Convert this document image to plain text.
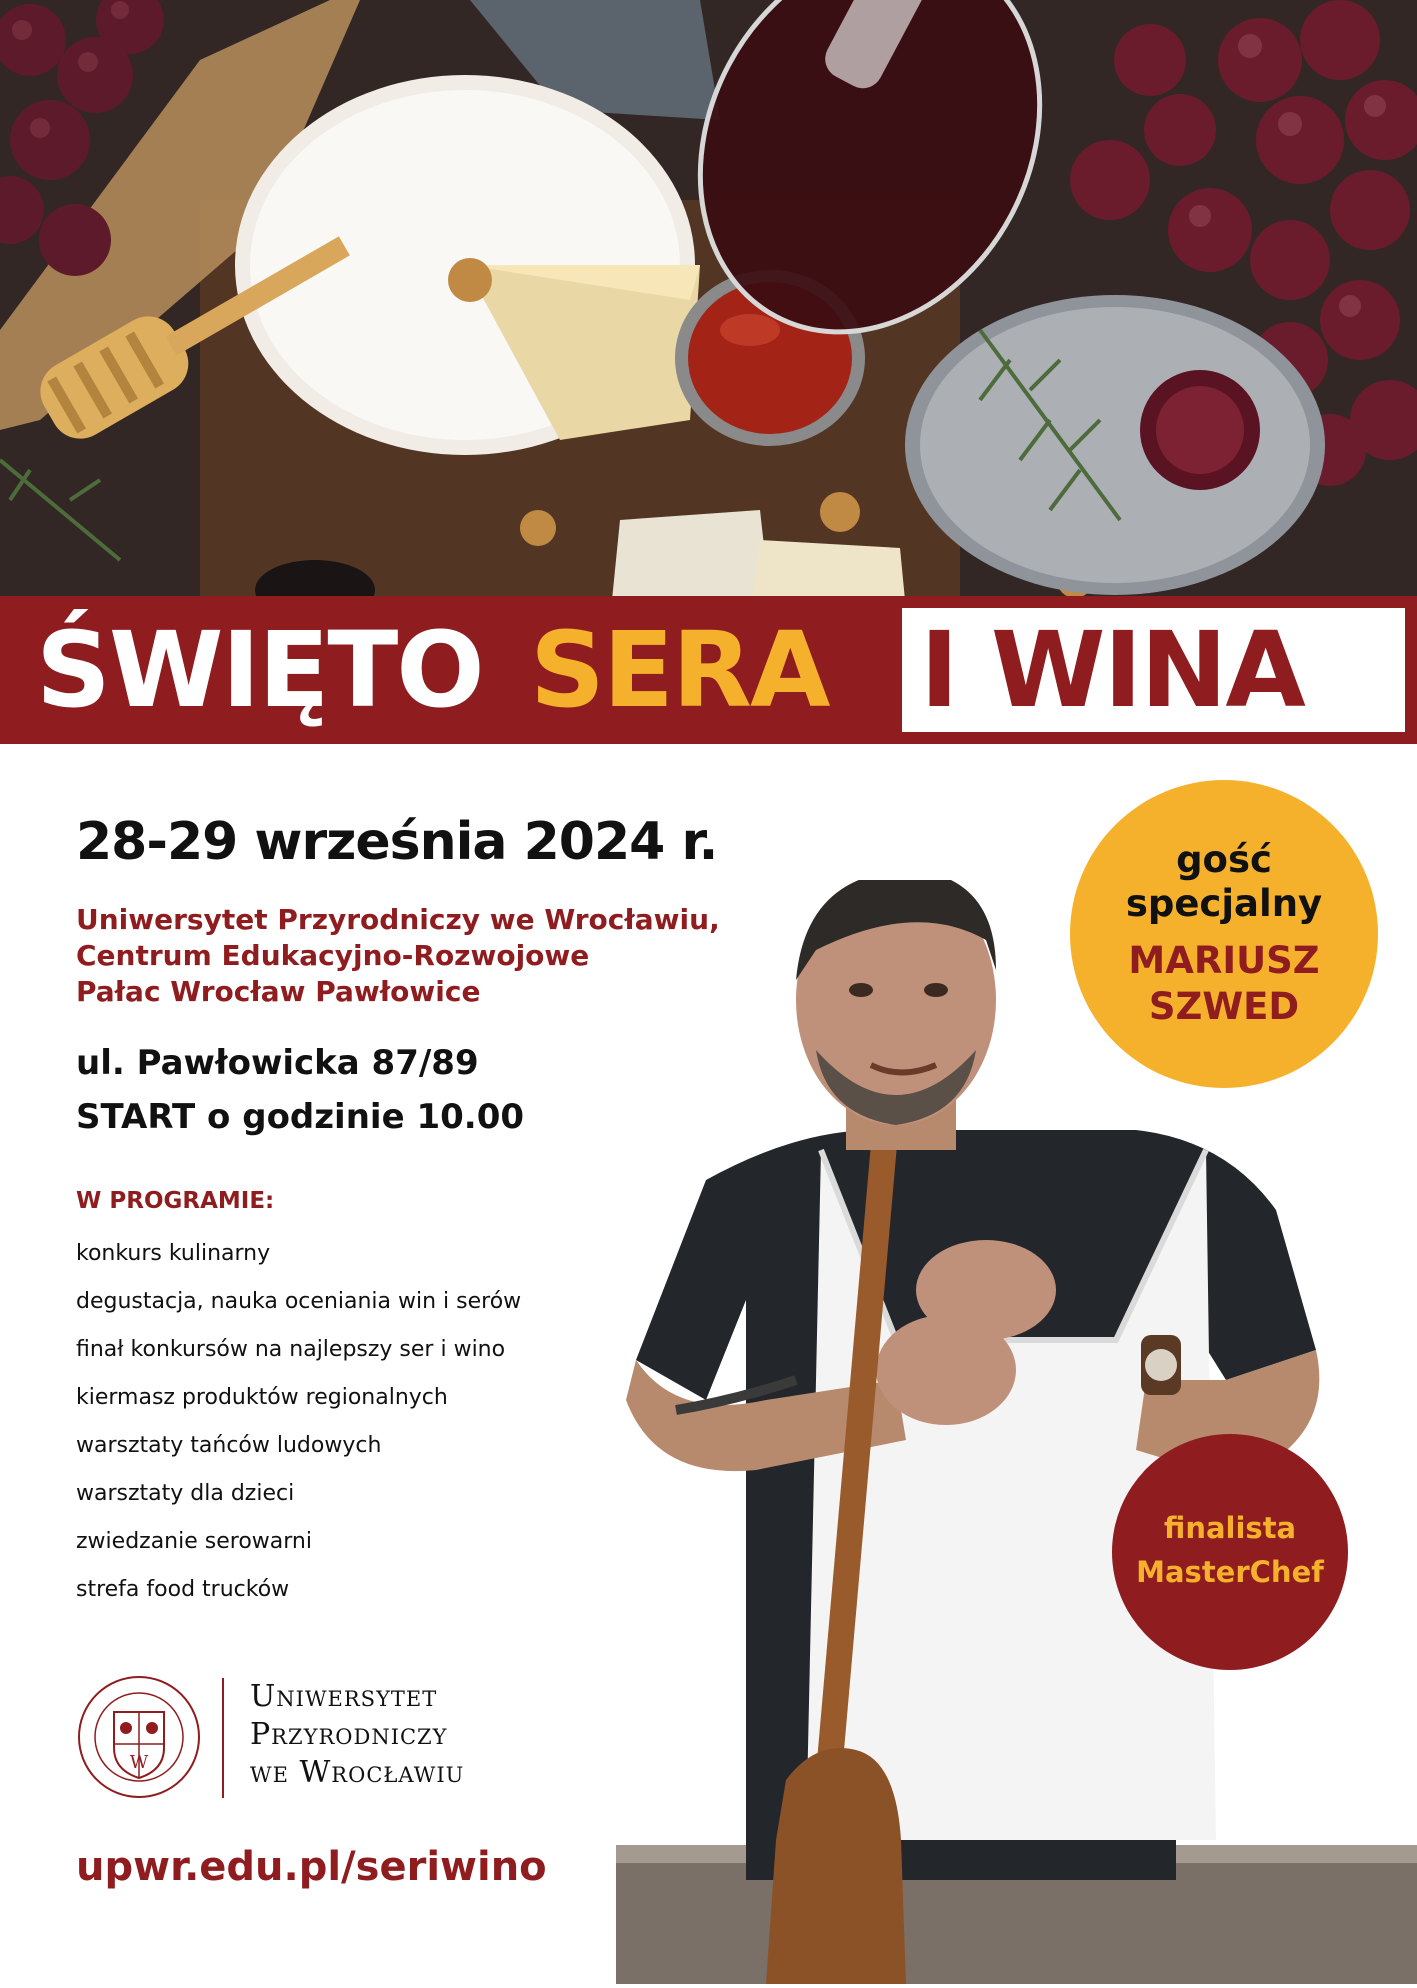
ŚWIĘTO SERA I WINA
28-29 września 2024 r.
Uniwersytet Przyrodniczy we Wrocławiu,
Centrum Edukacyjno-Rozwojowe
Pałac Wrocław Pawłowice
ul. Pawłowicka 87/89
START o godzinie 10.00
W PROGRAMIE:
konkurs kulinarny
degustacja, nauka oceniania win i serów
finał konkursów na najlepszy ser i wino
kiermasz produktów regionalnych
warsztaty tańców ludowych
warsztaty dla dzieci
zwiedzanie serowarni
strefa food trucków
gość
specjalny
MARIUSZ
SZWED
finalista
MasterChef
W
Uniwersytet
Przyrodniczy
we Wrocławiu
upwr.edu.pl/seriwino
